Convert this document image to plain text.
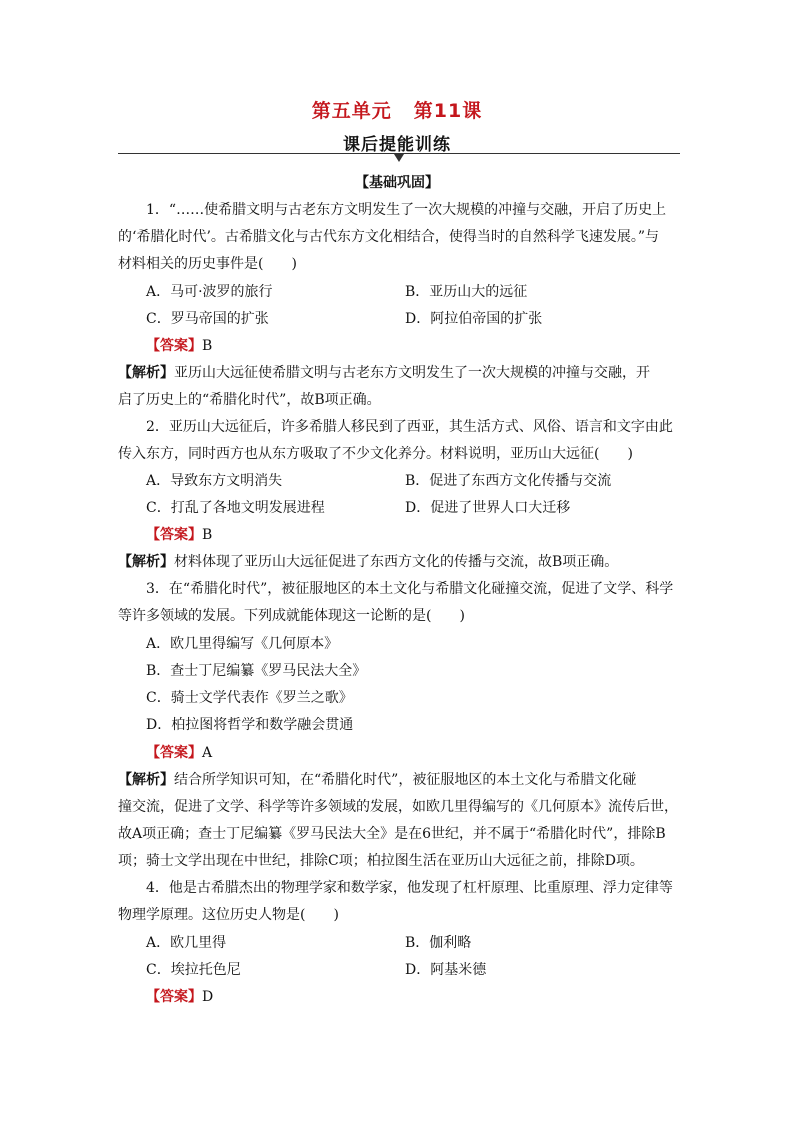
第五单元 第11课
课后提能训练
【基础巩固】
1．“……使希腊文明与古老东方文明发生了一次大规模的冲撞与交融，开启了历史上
的‘希腊化时代’。古希腊文化与古代东方文化相结合，使得当时的自然科学飞速发展。”与
材料相关的历史事件是(　　)
A．马可·波罗的旅行	B．亚历山大的远征
C．罗马帝国的扩张	D．阿拉伯帝国的扩张
【答案】B
【解析】亚历山大远征使希腊文明与古老东方文明发生了一次大规模的冲撞与交融，开
启了历史上的“希腊化时代”，故B项正确。
2．亚历山大远征后，许多希腊人移民到了西亚，其生活方式、风俗、语言和文字由此
传入东方，同时西方也从东方吸取了不少文化养分。材料说明，亚历山大远征(　　)
A．导致东方文明消失	B．促进了东西方文化传播与交流
C．打乱了各地文明发展进程	D．促进了世界人口大迁移
【答案】B
【解析】材料体现了亚历山大远征促进了东西方文化的传播与交流，故B项正确。
3．在“希腊化时代”，被征服地区的本土文化与希腊文化碰撞交流，促进了文学、科学
等许多领域的发展。下列成就能体现这一论断的是(　　)
A．欧几里得编写《几何原本》
B．查士丁尼编纂《罗马民法大全》
C．骑士文学代表作《罗兰之歌》
D．柏拉图将哲学和数学融会贯通
【答案】A
【解析】结合所学知识可知，在“希腊化时代”，被征服地区的本土文化与希腊文化碰
撞交流，促进了文学、科学等许多领域的发展，如欧几里得编写的《几何原本》流传后世，
故A项正确；查士丁尼编纂《罗马民法大全》是在6世纪，并不属于“希腊化时代”，排除B
项；骑士文学出现在中世纪，排除C项；柏拉图生活在亚历山大远征之前，排除D项。
4．他是古希腊杰出的物理学家和数学家，他发现了杠杆原理、比重原理、浮力定律等
物理学原理。这位历史人物是(　　)
A．欧几里得	B．伽利略
C．埃拉托色尼	D．阿基米德
【答案】D
